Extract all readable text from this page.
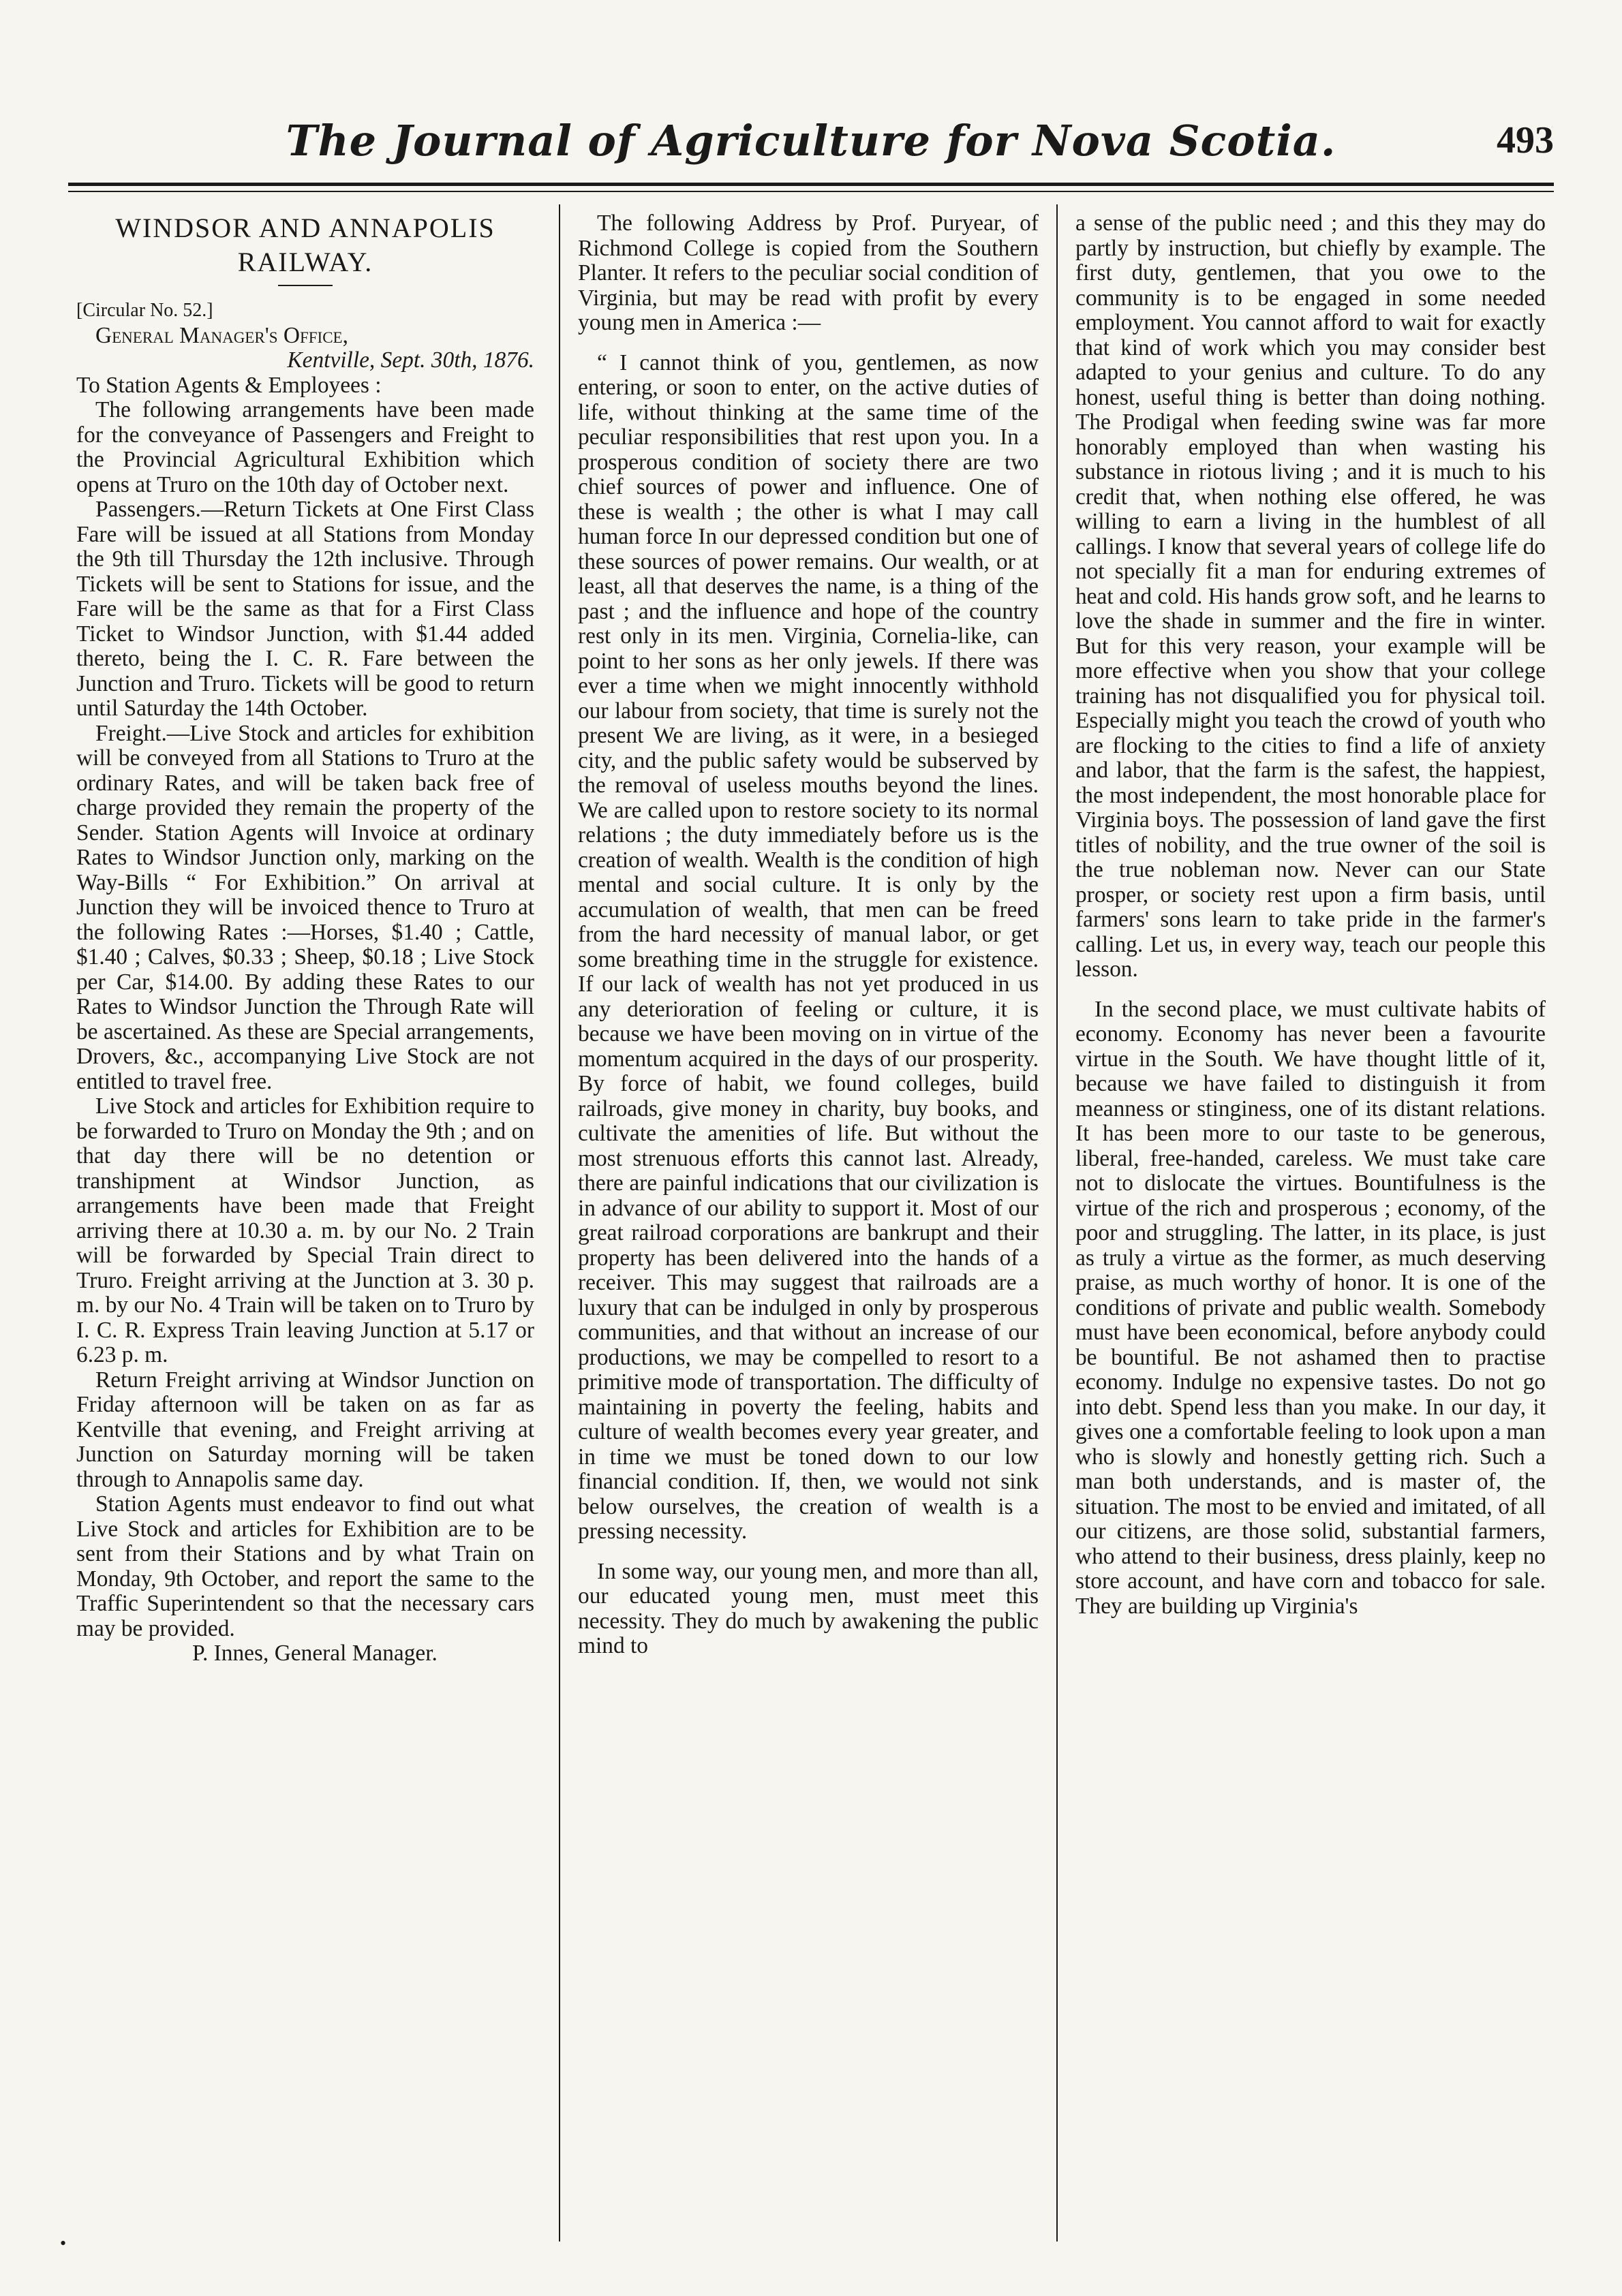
The Journal of Agriculture for Nova Scotia.	493
WINDSOR AND ANNAPOLIS RAILWAY.

[Circular No. 52.]

General Manager's Office,

Kentville, Sept. 30th, 1876.

To Station Agents & Employees :

The following arrangements have been made for the conveyance of Passengers and Freight to the Provincial Agricultural Exhibition which opens at Truro on the 10th day of October next.

Passengers.—Return Tickets at One First Class Fare will be issued at all Stations from Monday the 9th till Thursday the 12th inclusive. Through Tickets will be sent to Stations for issue, and the Fare will be the same as that for a First Class Ticket to Windsor Junction, with $1.44 added thereto, being the I. C. R. Fare between the Junction and Truro. Tickets will be good to return until Saturday the 14th October.

Freight.—Live Stock and articles for exhibition will be conveyed from all Stations to Truro at the ordinary Rates, and will be taken back free of charge provided they remain the property of the Sender. Station Agents will Invoice at ordinary Rates to Windsor Junction only, marking on the Way-Bills “ For Exhibition.” On arrival at Junction they will be invoiced thence to Truro at the following Rates :—Horses, $1.40 ; Cattle, $1.40 ; Calves, $0.33 ; Sheep, $0.18 ; Live Stock per Car, $14.00. By adding these Rates to our Rates to Windsor Junction the Through Rate will be ascertained. As these are Special arrangements, Drovers, &c., accompanying Live Stock are not entitled to travel free.

Live Stock and articles for Exhibition require to be forwarded to Truro on Monday the 9th ; and on that day there will be no detention or transhipment at Windsor Junction, as arrangements have been made that Freight arriving there at 10.30 a. m. by our No. 2 Train will be forwarded by Special Train direct to Truro. Freight arriving at the Junction at 3. 30 p. m. by our No. 4 Train will be taken on to Truro by I. C. R. Express Train leaving Junction at 5.17 or 6.23 p. m.

Return Freight arriving at Windsor Junction on Friday afternoon will be taken on as far as Kentville that evening, and Freight arriving at Junction on Saturday morning will be taken through to Annapolis same day.

Station Agents must endeavor to find out what Live Stock and articles for Exhibition are to be sent from their Stations and by what Train on Monday, 9th October, and report the same to the Traffic Superintendent so that the necessary cars may be provided.

P. Innes, General Manager.

•

The following Address by Prof. Puryear, of Richmond College is copied from the Southern Planter. It refers to the peculiar social condition of Virginia, but may be read with profit by every young men in America :—

“ I cannot think of you, gentlemen, as now entering, or soon to enter, on the active duties of life, without thinking at the same time of the peculiar responsibilities that rest upon you. In a prosperous condition of society there are two chief sources of power and influence. One of these is wealth ; the other is what I may call human force In our depressed condition but one of these sources of power remains. Our wealth, or at least, all that deserves the name, is a thing of the past ; and the influence and hope of the country rest only in its men. Virginia, Cornelia-like, can point to her sons as her only jewels. If there was ever a time when we might innocently withhold our labour from society, that time is surely not the present We are living, as it were, in a besieged city, and the public safety would be subserved by the removal of useless mouths beyond the lines. We are called upon to restore society to its normal relations ; the duty immediately before us is the creation of wealth. Wealth is the condition of high mental and social culture. It is only by the accumulation of wealth, that men can be freed from the hard necessity of manual labor, or get some breathing time in the struggle for existence. If our lack of wealth has not yet produced in us any deterioration of feeling or culture, it is because we have been moving on in virtue of the momentum acquired in the days of our prosperity. By force of habit, we found colleges, build railroads, give money in charity, buy books, and cultivate the amenities of life. But without the most strenuous efforts this cannot last. Already, there are painful indications that our civilization is in advance of our ability to support it. Most of our great railroad corporations are bankrupt and their property has been delivered into the hands of a receiver. This may suggest that railroads are a luxury that can be indulged in only by prosperous communities, and that without an increase of our productions, we may be compelled to resort to a primitive mode of transportation. The difficulty of maintaining in poverty the feeling, habits and culture of wealth becomes every year greater, and in time we must be toned down to our low financial condition. If, then, we would not sink below ourselves, the creation of wealth is a pressing necessity.

In some way, our young men, and more than all, our educated young men, must meet this necessity. They do much by awakening the public mind to

a sense of the public need ; and this they may do partly by instruction, but chiefly by example. The first duty, gentlemen, that you owe to the community is to be engaged in some needed employment. You cannot afford to wait for exactly that kind of work which you may consider best adapted to your genius and culture. To do any honest, useful thing is better than doing nothing. The Prodigal when feeding swine was far more honorably employed than when wasting his substance in riotous living ; and it is much to his credit that, when nothing else offered, he was willing to earn a living in the humblest of all callings. I know that several years of college life do not specially fit a man for enduring extremes of heat and cold. His hands grow soft, and he learns to love the shade in summer and the fire in winter. But for this very reason, your example will be more effective when you show that your college training has not disqualified you for physical toil. Especially might you teach the crowd of youth who are flocking to the cities to find a life of anxiety and labor, that the farm is the safest, the happiest, the most independent, the most honorable place for Virginia boys. The possession of land gave the first titles of nobility, and the true owner of the soil is the true nobleman now. Never can our State prosper, or society rest upon a firm basis, until farmers' sons learn to take pride in the farmer's calling. Let us, in every way, teach our people this lesson.

In the second place, we must cultivate habits of economy. Economy has never been a favourite virtue in the South. We have thought little of it, because we have failed to distinguish it from meanness or stinginess, one of its distant relations. It has been more to our taste to be generous, liberal, free-handed, careless. We must take care not to dislocate the virtues. Bountifulness is the virtue of the rich and prosperous ; economy, of the poor and struggling. The latter, in its place, is just as truly a virtue as the former, as much deserving praise, as much worthy of honor. It is one of the conditions of private and public wealth. Somebody must have been economical, before anybody could be bountiful. Be not ashamed then to practise economy. Indulge no expensive tastes. Do not go into debt. Spend less than you make. In our day, it gives one a comfortable feeling to look upon a man who is slowly and honestly getting rich. Such a man both understands, and is master of, the situation. The most to be envied and imitated, of all our citizens, are those solid, substantial farmers, who attend to their business, dress plainly, keep no store account, and have corn and tobacco for sale. They are building up Virginia's
